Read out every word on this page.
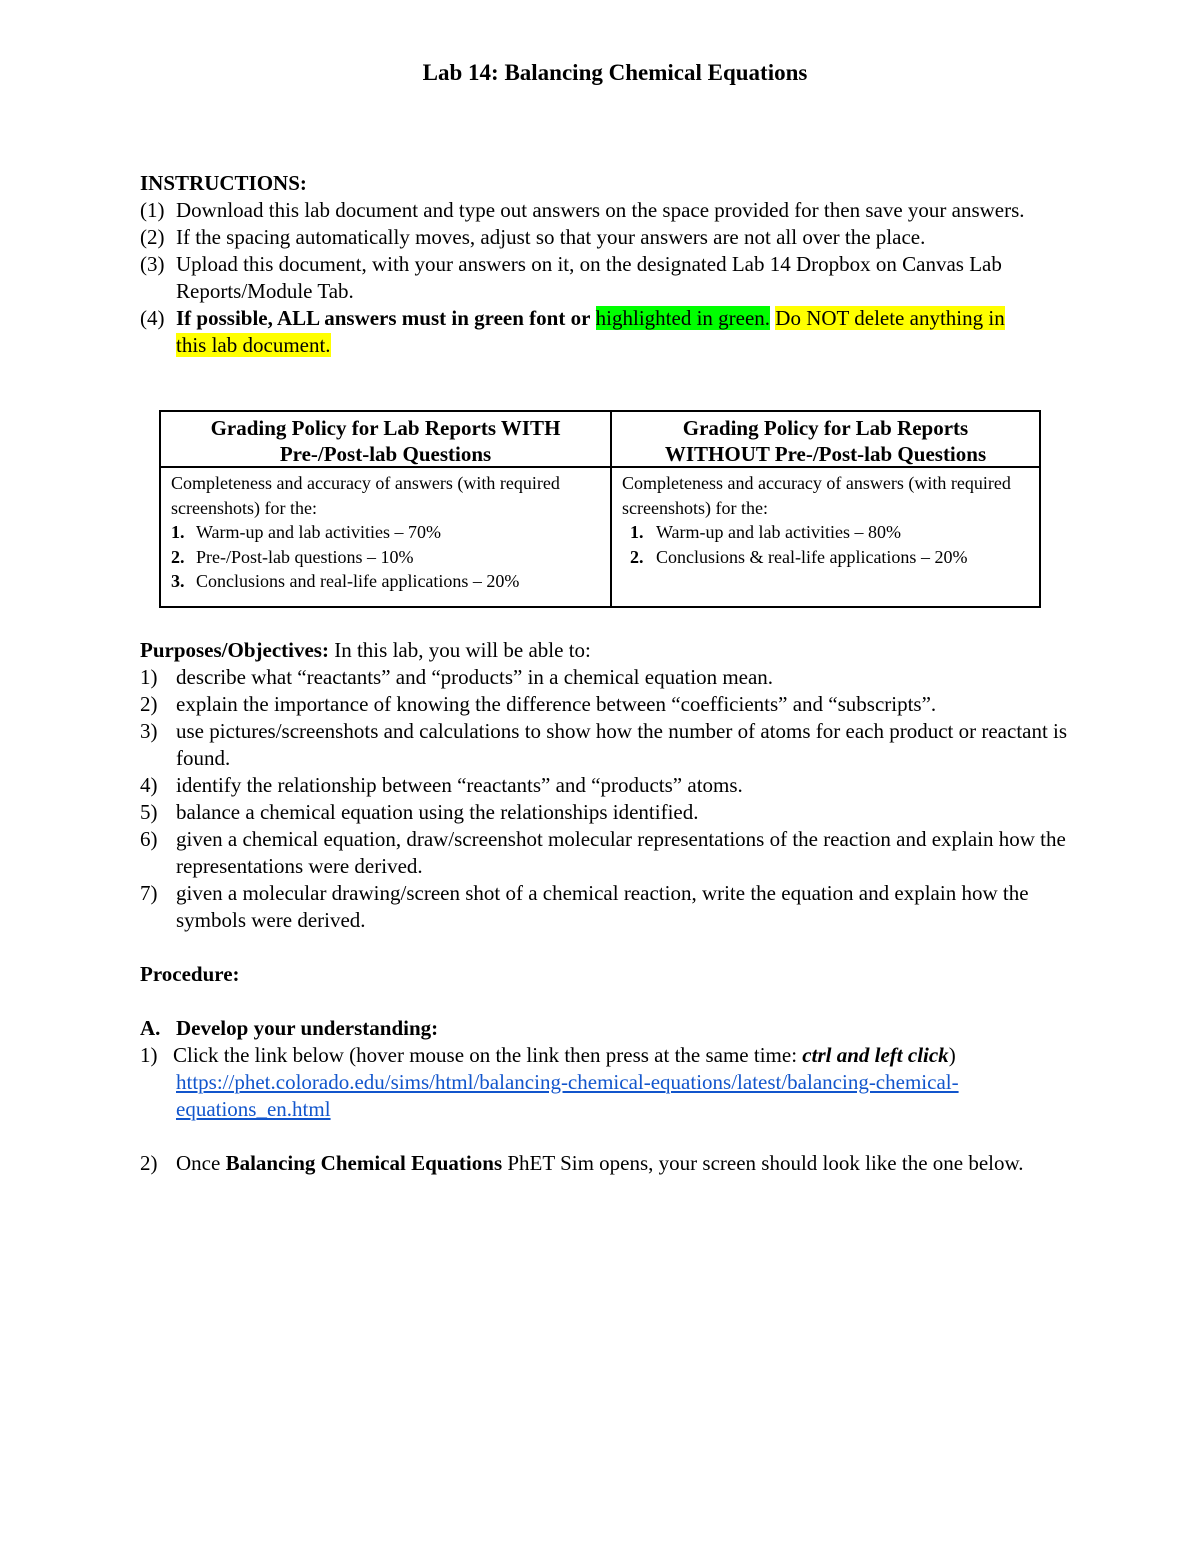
Lab 14: Balancing Chemical Equations
INSTRUCTIONS:
(1) Download this lab document and type out answers on the space provided for then save your answers.
(2) If the spacing automatically moves, adjust so that your answers are not all over the place.
(3) Upload this document, with your answers on it, on the designated Lab 14 Dropbox on Canvas Lab Reports/Module Tab.
(4) If possible, ALL answers must in green font or highlighted in green. Do NOT delete anything in this lab document.
Grading Policy for Lab Reports WITH
Pre-/Post-lab Questions
Completeness and accuracy of answers (with required screenshots) for the:
1. Warm-up and lab activities – 70%
2. Pre-/Post-lab questions – 10%
3. Conclusions and real-life applications – 20%
Grading Policy for Lab Reports
WITHOUT Pre-/Post-lab Questions
Completeness and accuracy of answers (with required screenshots) for the:
1. Warm-up and lab activities – 80%
2. Conclusions & real-life applications – 20%
Purposes/Objectives: In this lab, you will be able to:
1) describe what “reactants” and “products” in a chemical equation mean.
2) explain the importance of knowing the difference between “coefficients” and “subscripts”.
3) use pictures/screenshots and calculations to show how the number of atoms for each product or reactant is found.
4) identify the relationship between “reactants” and “products” atoms.
5) balance a chemical equation using the relationships identified.
6) given a chemical equation, draw/screenshot molecular representations of the reaction and explain how the representations were derived.
7) given a molecular drawing/screen shot of a chemical reaction, write the equation and explain how the symbols were derived.
Procedure:
A. Develop your understanding:
1) Click the link below (hover mouse on the link then press at the same time: ctrl and left click)
https://phet.colorado.edu/sims/html/balancing-chemical-equations/latest/balancing-chemical-
equations_en.html
2) Once Balancing Chemical Equations PhET Sim opens, your screen should look like the one below.
